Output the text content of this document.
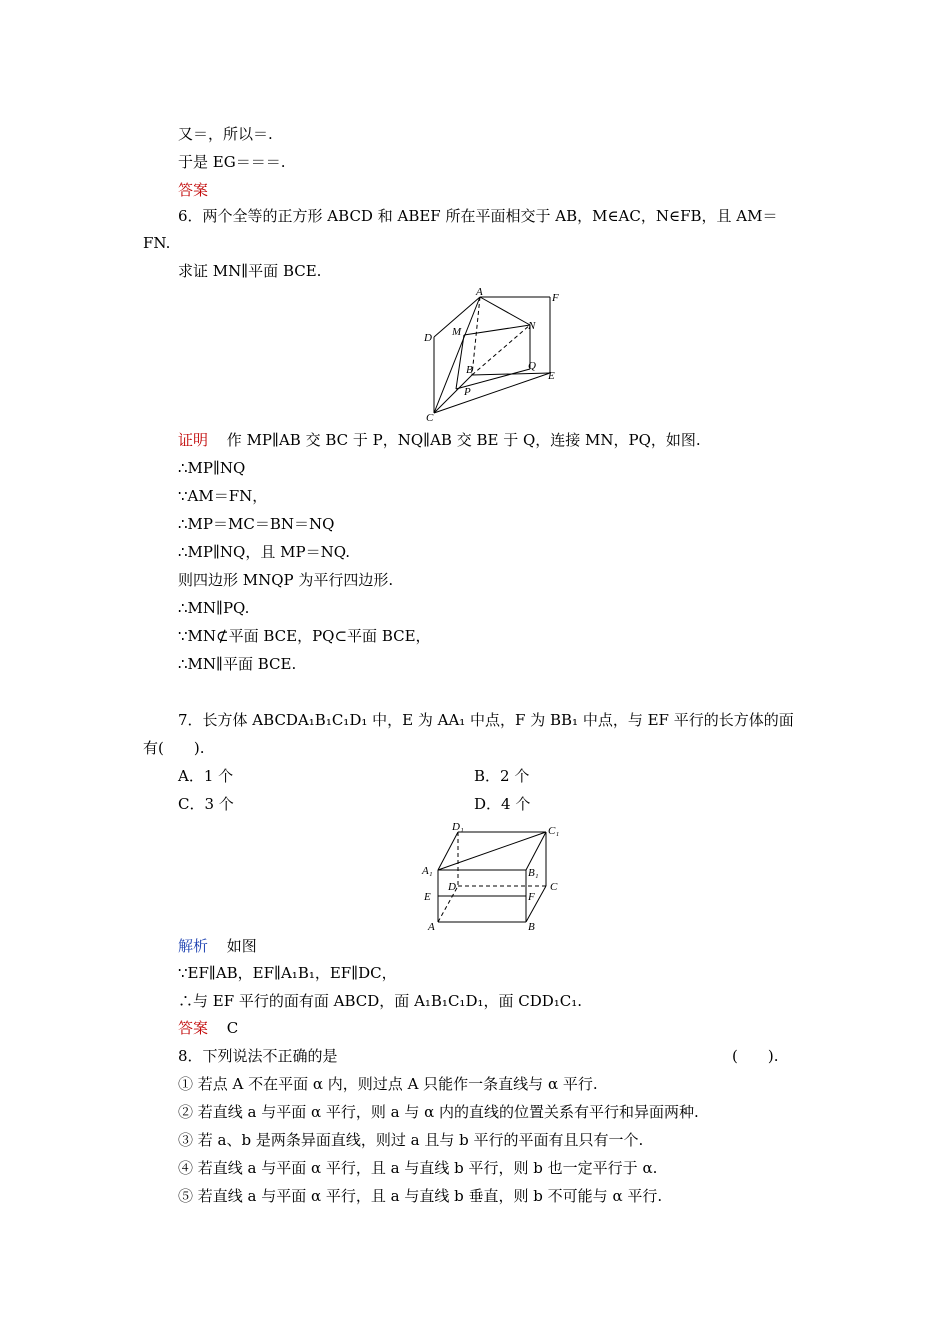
又＝，所以＝.
于是 EG＝＝＝.
答案
6．两个全等的正方形 ABCD 和 ABEF 所在平面相交于 AB，M∈AC，N∈FB，且 AM＝
FN.
求证 MN∥平面 BCE.
A	F
D M	N
B	Q
E
P
C
证明 作 MP∥AB 交 BC 于 P，NQ∥AB 交 BE 于 Q，连接 MN，PQ，如图.
∴MP∥NQ
∵AM＝FN，
∴MP＝MC＝BN＝NQ
∴MP∥NQ，且 MP＝NQ.
则四边形 MNQP 为平行四边形.
∴MN∥PQ.
∵MN⊄平面 BCE，PQ⊂平面 BCE，
∴MN∥平面 BCE.
7．长方体 ABCDA₁B₁C₁D₁ 中，E 为 AA₁ 中点，F 为 BB₁ 中点，与 EF 平行的长方体的面
有(　　).
A．1 个	B．2 个
C．3 个	D．4 个
D₁	C₁
A₁	B₁
D	C
E	F
A	B
解析 如图
∵EF∥AB，EF∥A₁B₁，EF∥DC，
∴与 EF 平行的面有面 ABCD，面 A₁B₁C₁D₁，面 CDD₁C₁.
答案 C
8．下列说法不正确的是	(　　).
① 若点 A 不在平面 α 内，则过点 A 只能作一条直线与 α 平行.
② 若直线 a 与平面 α 平行，则 a 与 α 内的直线的位置关系有平行和异面两种.
③ 若 a、b 是两条异面直线，则过 a 且与 b 平行的平面有且只有一个.
④ 若直线 a 与平面 α 平行，且 a 与直线 b 平行，则 b 也一定平行于 α.
⑤ 若直线 a 与平面 α 平行，且 a 与直线 b 垂直，则 b 不可能与 α 平行.
